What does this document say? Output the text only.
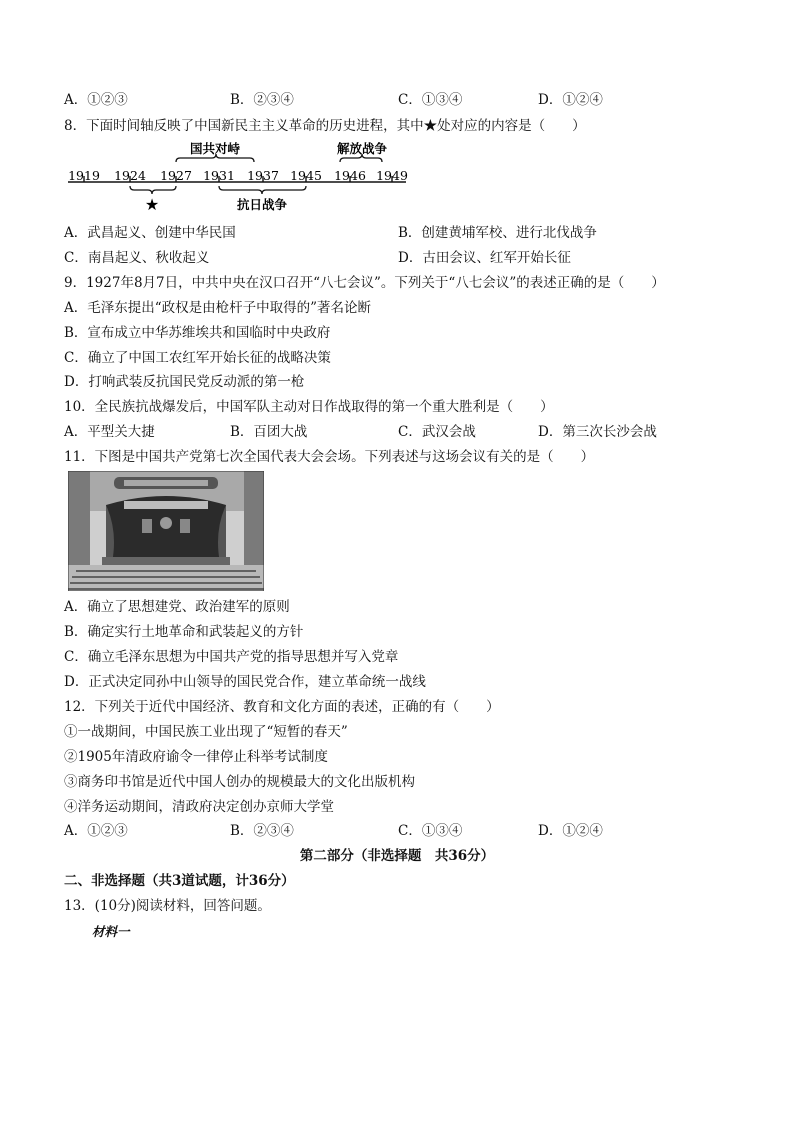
A．①②③	B．②③④	C．①③④	D．①②④
8．下面时间轴反映了中国新民主主义革命的历史进程，其中★处对应的内容是（　　）
国共对峙	解放战争
1919 1924 1927 1931 1937 1945 1946 1949
★	抗日战争
A．武昌起义、创建中华民国	B．创建黄埔军校、进行北伐战争
C．南昌起义、秋收起义	D．古田会议、红军开始长征
9．1927年8月7日，中共中央在汉口召开“八七会议”。下列关于“八七会议”的表述正确的是（　　）
A．毛泽东提出“政权是由枪杆子中取得的”著名论断
B．宣布成立中华苏维埃共和国临时中央政府
C．确立了中国工农红军开始长征的战略决策
D．打响武装反抗国民党反动派的第一枪
10．全民族抗战爆发后，中国军队主动对日作战取得的第一个重大胜利是（　　）
A．平型关大捷	B．百团大战	C．武汉会战	D．第三次长沙会战
11．下图是中国共产党第七次全国代表大会会场。下列表述与这场会议有关的是（　　）
A．确立了思想建党、政治建军的原则
B．确定实行土地革命和武装起义的方针
C．确立毛泽东思想为中国共产党的指导思想并写入党章
D．正式决定同孙中山领导的国民党合作，建立革命统一战线
12．下列关于近代中国经济、教育和文化方面的表述，正确的有（　　）
①一战期间，中国民族工业出现了“短暂的春天”
②1905年清政府谕令一律停止科举考试制度
③商务印书馆是近代中国人创办的规模最大的文化出版机构
④洋务运动期间，清政府决定创办京师大学堂
A．①②③	B．②③④	C．①③④	D．①②④
第二部分（非选择题　共36分）
二、非选择题（共3道试题，计36分）
13．(10分)阅读材料，回答问题。
材料一
